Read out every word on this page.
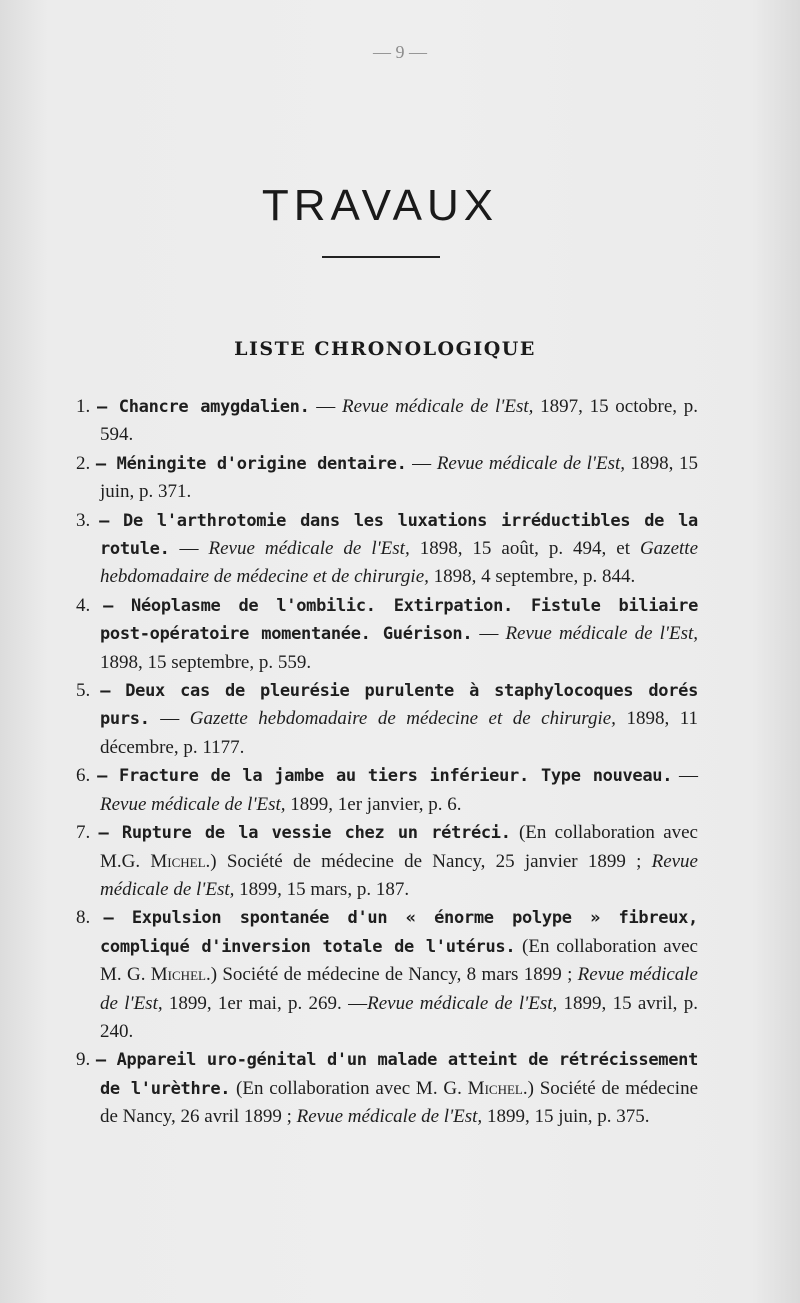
— 9 —
TRAVAUX
LISTE CHRONOLOGIQUE

1. — Chancre amygdalien. — Revue médicale de l'Est, 1897, 15 octobre, p. 594.

2. — Méningite d'origine dentaire. — Revue médicale de l'Est, 1898, 15 juin, p. 371.

3. — De l'arthrotomie dans les luxations irréductibles de la rotule. — Revue médicale de l'Est, 1898, 15 août, p. 494, et Gazette hebdomadaire de médecine et de chirurgie, 1898, 4 septembre, p. 844.

4. — Néoplasme de l'ombilic. Extirpation. Fistule biliaire post-opératoire momentanée. Guérison. — Revue médicale de l'Est, 1898, 15 septembre, p. 559.

5. — Deux cas de pleurésie purulente à staphylocoques dorés purs. — Gazette hebdomadaire de médecine et de chirurgie, 1898, 11 décembre, p. 1177.

6. — Fracture de la jambe au tiers inférieur. Type nouveau. — Revue médicale de l'Est, 1899, 1er janvier, p. 6.

7. — Rupture de la vessie chez un rétréci. (En collaboration avec M.G. Michel.) Société de médecine de Nancy, 25 janvier 1899 ; Revue médicale de l'Est, 1899, 15 mars, p. 187.

8. — Expulsion spontanée d'un « énorme polype » fibreux, compliqué d'inversion totale de l'utérus. (En collaboration avec M. G. Michel.) Société de médecine de Nancy, 8 mars 1899 ; Revue médicale de l'Est, 1899, 1er mai, p. 269. —Revue médicale de l'Est, 1899, 15 avril, p. 240.

9. — Appareil uro-génital d'un malade atteint de rétrécissement de l'urèthre. (En collaboration avec M. G. Michel.) Société de médecine de Nancy, 26 avril 1899 ; Revue médicale de l'Est, 1899, 15 juin, p. 375.
